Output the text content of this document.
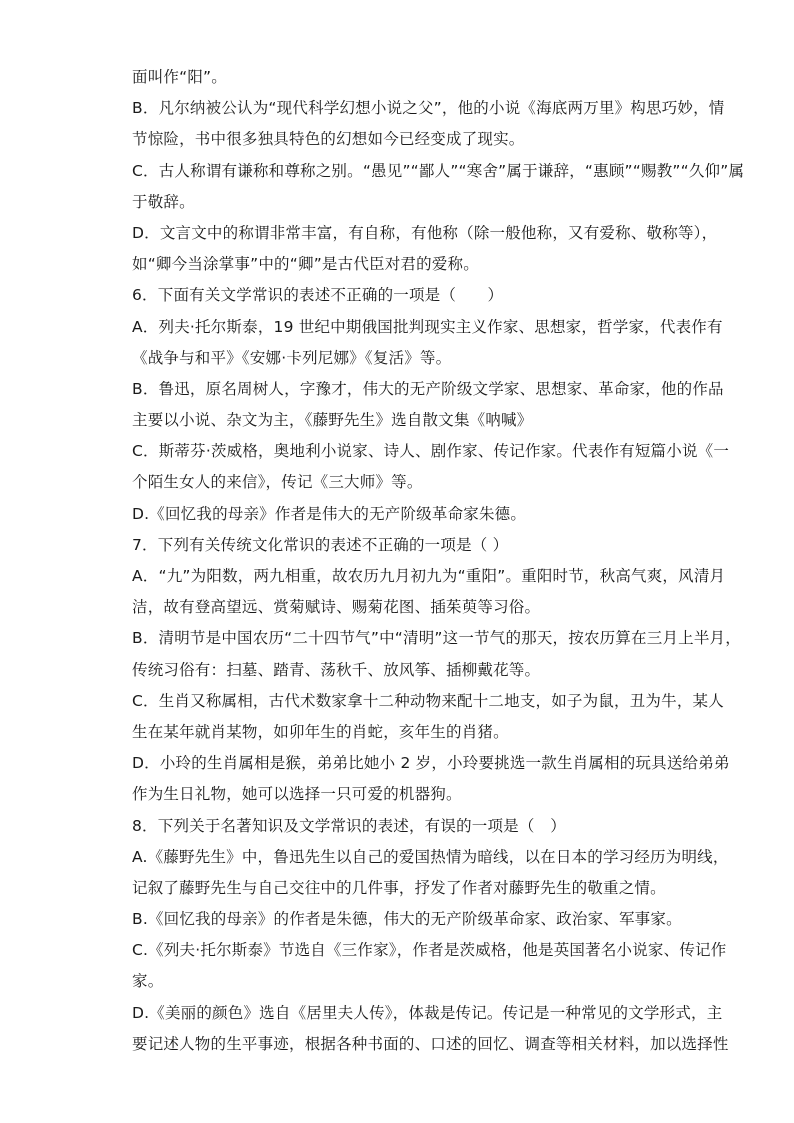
面叫作“阳”。
B．凡尔纳被公认为“现代科学幻想小说之父”，他的小说《海底两万里》构思巧妙，情
节惊险，书中很多独具特色的幻想如今已经变成了现实。
C．古人称谓有谦称和尊称之别。“愚见”“鄙人”“寒舍”属于谦辞，“惠顾”“赐教”“久仰”属
于敬辞。
D．文言文中的称谓非常丰富，有自称，有他称（除一般他称，又有爱称、敬称等），
如“卿今当涂掌事”中的“卿”是古代臣对君的爱称。
6．下面有关文学常识的表述不正确的一项是（　　）
A．列夫·托尔斯泰，19 世纪中期俄国批判现实主义作家、思想家，哲学家，代表作有
《战争与和平》《安娜·卡列尼娜》《复活》等。
B．鲁迅，原名周树人，字豫才，伟大的无产阶级文学家、思想家、革命家，他的作品
主要以小说、杂文为主，《藤野先生》选自散文集《呐喊》
C．斯蒂芬·茨威格，奥地利小说家、诗人、剧作家、传记作家。代表作有短篇小说《一
个陌生女人的来信》，传记《三大师》等。
D.《回忆我的母亲》作者是伟大的无产阶级革命家朱德。
7．下列有关传统文化常识的表述不正确的一项是（ ）
A．“九”为阳数，两九相重，故农历九月初九为“重阳”。重阳时节，秋高气爽，风清月
洁，故有登高望远、赏菊赋诗、赐菊花图、插茱萸等习俗。
B．清明节是中国农历“二十四节气”中“清明”这一节气的那天，按农历算在三月上半月，
传统习俗有：扫墓、踏青、荡秋千、放风筝、插柳戴花等。
C．生肖又称属相，古代术数家拿十二种动物来配十二地支，如子为鼠，丑为牛，某人
生在某年就肖某物，如卯年生的肖蛇，亥年生的肖猪。
D．小玲的生肖属相是猴，弟弟比她小 2 岁，小玲要挑选一款生肖属相的玩具送给弟弟
作为生日礼物，她可以选择一只可爱的机器狗。
8．下列关于名著知识及文学常识的表述，有误的一项是（　）
A.《藤野先生》中，鲁迅先生以自己的爱国热情为暗线，以在日本的学习经历为明线，
记叙了藤野先生与自己交往中的几件事，抒发了作者对藤野先生的敬重之情。
B.《回忆我的母亲》的作者是朱德，伟大的无产阶级革命家、政治家、军事家。
C.《列夫·托尔斯泰》节选自《三作家》，作者是茨威格，他是英国著名小说家、传记作
家。
D.《美丽的颜色》选自《居里夫人传》，体裁是传记。传记是一种常见的文学形式，主
要记述人物的生平事迹，根据各种书面的、口述的回忆、调查等相关材料，加以选择性
